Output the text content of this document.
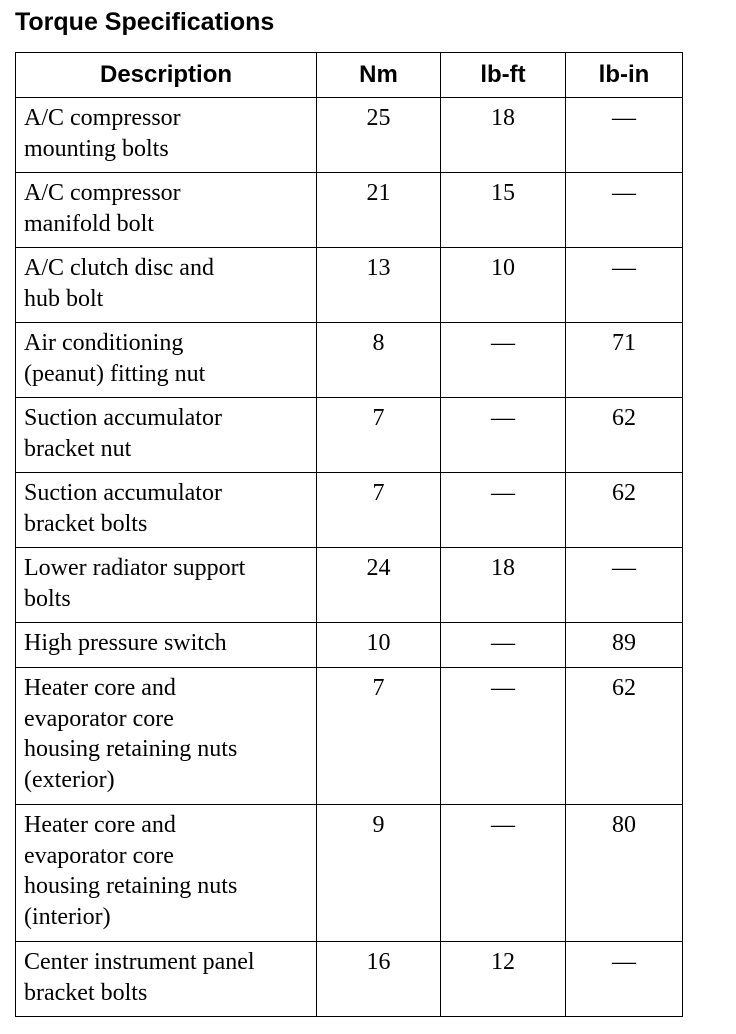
Torque Specifications
Description	Nm	lb-ft	lb-in
A/C compressor
mounting bolts	25	18	—
A/C compressor
manifold bolt	21	15	—
A/C clutch disc and
hub bolt	13	10	—
Air conditioning
(peanut) fitting nut	8	—	71
Suction accumulator
bracket nut	7	—	62
Suction accumulator
bracket bolts	7	—	62
Lower radiator support
bolts	24	18	—
High pressure switch	10	—	89
Heater core and
evaporator core
housing retaining nuts
(exterior)	7	—	62
Heater core and
evaporator core
housing retaining nuts
(interior)	9	—	80
Center instrument panel
bracket bolts	16	12	—
